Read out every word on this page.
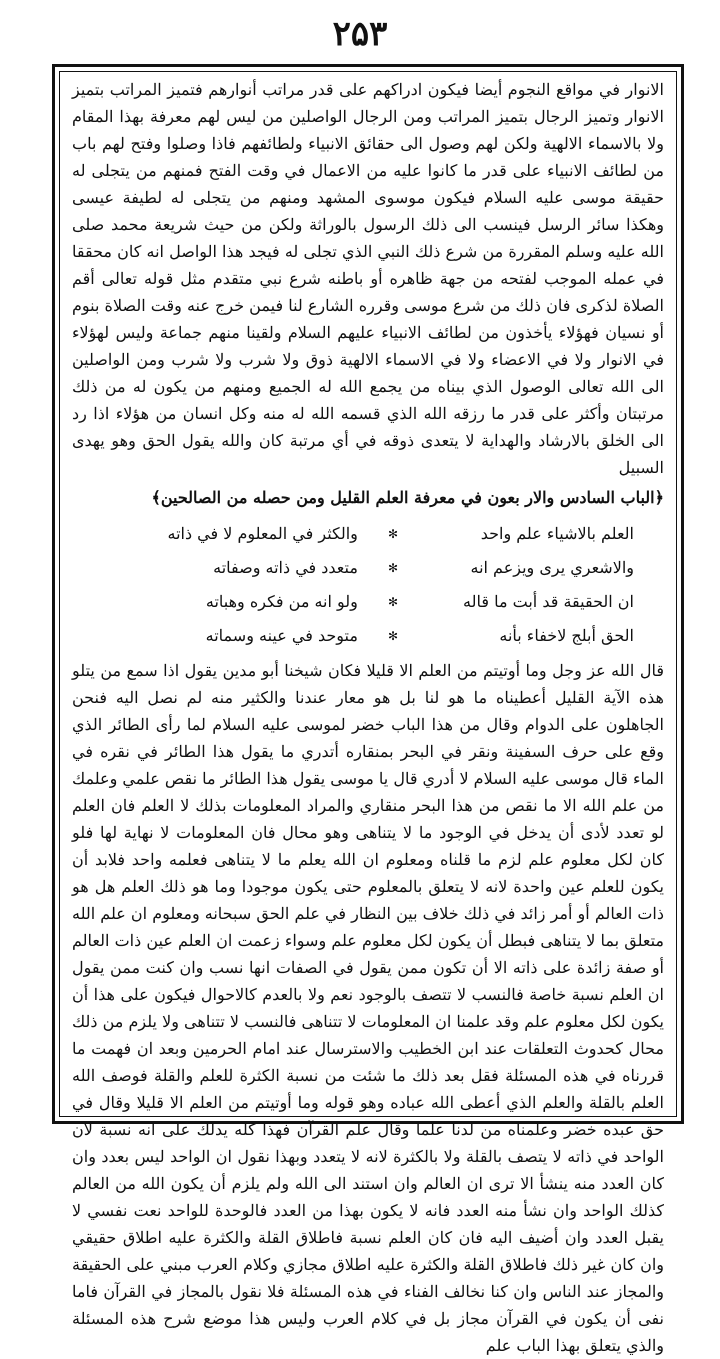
۲۵۳

الانوار في مواقع النجوم أيضا فيكون ادراكهم على قدر مراتب أنوارهم فتميز المراتب بتميز الانوار وتميز الرجال بتميز المراتب ومن الرجال الواصلين من ليس لهم معرفة بهذا المقام ولا بالاسماء الالهية ولكن لهم وصول الى حقائق الانبياء ولطائفهم فاذا وصلوا وفتح لهم باب من لطائف الانبياء على قدر ما كانوا عليه من الاعمال في وقت الفتح فمنهم من يتجلى له حقيقة موسى عليه السلام فيكون موسوى المشهد ومنهم من يتجلى له لطيفة عيسى وهكذا سائر الرسل فينسب الى ذلك الرسول بالوراثة ولكن من حيث شريعة محمد صلى الله عليه وسلم المقررة من شرع ذلك النبي الذي تجلى له فيجد هذا الواصل انه كان محققا في عمله الموجب لفتحه من جهة ظاهره أو باطنه شرع نبي متقدم مثل قوله تعالى أقم الصلاة لذكرى فان ذلك من شرع موسى وقرره الشارع لنا فيمن خرج عنه وقت الصلاة بنوم أو نسيان فهؤلاء يأخذون من لطائف الانبياء عليهم السلام ولقينا منهم جماعة وليس لهؤلاء في الانوار ولا في الاعضاء ولا في الاسماء الالهية ذوق ولا شرب ولا شرب ومن الواصلين الى الله تعالى الوصول الذي بيناه من يجمع الله له الجميع ومنهم من يكون له من ذلك مرتبتان وأكثر على قدر ما رزقه الله الذي قسمه الله له منه وكل انسان من هؤلاء اذا رد الى الخلق بالارشاد والهداية لا يتعدى ذوقه في أي مرتبة كان والله يقول الحق وهو يهدى السبيل

﴿الباب السادس والار بعون في معرفة العلم القليل ومن حصله من الصالحين﴾
العلم بالاشياء علم واحد
✻
والكثر في المعلوم لا في ذاته
والاشعري يرى ويزعم انه
✻
متعدد في ذاته وصفاته
ان الحقيقة قد أبت ما قاله
✻
ولو انه من فكره وهباته
الحق أبلج لاخفاء بأنه
✻
متوحد في عينه وسماته

قال الله عز وجل وما أوتيتم من العلم الا قليلا فكان شيخنا أبو مدين يقول اذا سمع من يتلو هذه الآية القليل أعطيناه ما هو لنا بل هو معار عندنا والكثير منه لم نصل اليه فنحن الجاهلون على الدوام وقال من هذا الباب خضر لموسى عليه السلام لما رأى الطائر الذي وقع على حرف السفينة ونقر في البحر بمنقاره أتدري ما يقول هذا الطائر في نقره في الماء قال موسى عليه السلام لا أدري قال يا موسى يقول هذا الطائر ما نقص علمي وعلمك من علم الله الا ما نقص من هذا البحر منقاري والمراد المعلومات بذلك لا العلم فان العلم لو تعدد لأدى أن يدخل في الوجود ما لا يتناهى وهو محال فان المعلومات لا نهاية لها فلو كان لكل معلوم علم لزم ما قلناه ومعلوم ان الله يعلم ما لا يتناهى فعلمه واحد فلابد أن يكون للعلم عين واحدة لانه لا يتعلق بالمعلوم حتى يكون موجودا وما هو ذلك العلم هل هو ذات العالم أو أمر زائد في ذلك خلاف بين النظار في علم الحق سبحانه ومعلوم ان علم الله متعلق بما لا يتناهى فبطل أن يكون لكل معلوم علم وسواء زعمت ان العلم عين ذات العالم أو صفة زائدة على ذاته الا أن تكون ممن يقول في الصفات انها نسب وان كنت ممن يقول ان العلم نسبة خاصة فالنسب لا تتصف بالوجود نعم ولا بالعدم كالاحوال فيكون على هذا أن يكون لكل معلوم علم وقد علمنا ان المعلومات لا تتناهى فالنسب لا تتناهى ولا يلزم من ذلك محال كحدوث التعلقات عند ابن الخطيب والاسترسال عند امام الحرمين وبعد ان فهمت ما قررناه في هذه المسئلة فقل بعد ذلك ما شئت من نسبة الكثرة للعلم والقلة فوصف الله العلم بالقلة والعلم الذي أعطى الله عباده وهو قوله وما أوتيتم من العلم الا قليلا وقال في حق عبده خضر وعلمناه من لدنا علما وقال علم القرآن فهذا كله يدلك على انه نسبة لان الواحد في ذاته لا يتصف بالقلة ولا بالكثرة لانه لا يتعدد وبهذا نقول ان الواحد ليس بعدد وان كان العدد منه ينشأ الا ترى ان العالم وان استند الى الله ولم يلزم أن يكون الله من العالم كذلك الواحد وان نشأ منه العدد فانه لا يكون بهذا من العدد فالوحدة للواحد نعت نفسي لا يقبل العدد وان أضيف اليه فان كان العلم نسبة فاطلاق القلة والكثرة عليه اطلاق حقيقي وان كان غير ذلك فاطلاق القلة والكثرة عليه اطلاق مجازي وكلام العرب مبني على الحقيقة والمجاز عند الناس وان كنا نخالف الفناء في هذه المسئلة فلا نقول بالمجاز في القرآن فاما نفى أن يكون في القرآن مجاز بل في كلام العرب وليس هذا موضع شرح هذه المسئلة والذي يتعلق بهذا الباب علم
